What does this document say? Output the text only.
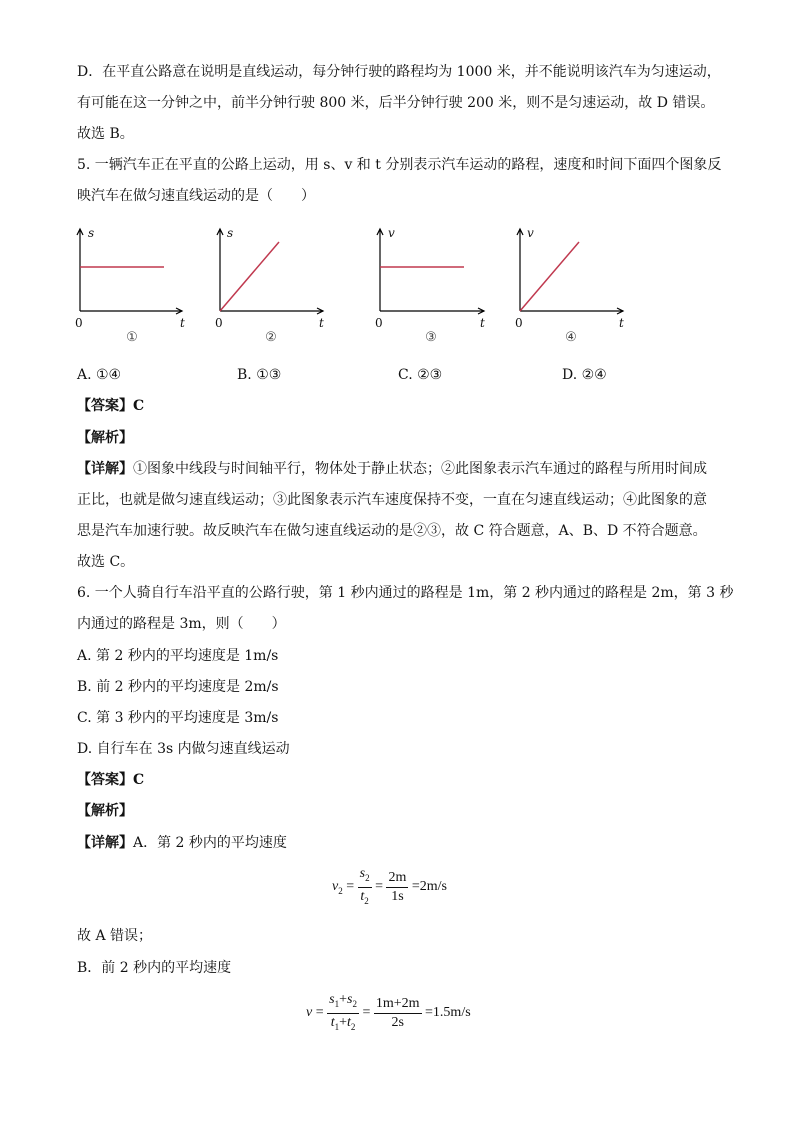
D．在平直公路意在说明是直线运动，每分钟行驶的路程均为 1000 米，并不能说明该汽车为匀速运动，
有可能在这一分钟之中，前半分钟行驶 800 米，后半分钟行驶 200 米，则不是匀速运动，故 D 错误。
故选 B。
5. 一辆汽车正在平直的公路上运动，用 s、v 和 t 分别表示汽车运动的路程，速度和时间下面四个图象反
映汽车在做匀速直线运动的是（　　）
s
t
0
①
s
t
0
②
v
t
0
③
v
t
0
④
A. ①④	B. ①③	C. ②③	D. ②④
【答案】C
【解析】
【详解】①图象中线段与时间轴平行，物体处于静止状态；②此图象表示汽车通过的路程与所用时间成
正比，也就是做匀速直线运动；③此图象表示汽车速度保持不变，一直在匀速直线运动；④此图象的意
思是汽车加速行驶。故反映汽车在做匀速直线运动的是②③，故 C 符合题意，A、B、D 不符合题意。
故选 C。
6. 一个人骑自行车沿平直的公路行驶，第 1 秒内通过的路程是 1m，第 2 秒内通过的路程是 2m，第 3 秒
内通过的路程是 3m，则（　　）
A. 第 2 秒内的平均速度是 1m/s
B. 前 2 秒内的平均速度是 2m/s
C. 第 3 秒内的平均速度是 3m/s
D. 自行车在 3s 内做匀速直线运动
【答案】C
【解析】
【详解】A．第 2 秒内的平均速度
$v_2 = \frac{s_2}{t_2} = \frac{2m}{1s} =2m/s$
故 A 错误；
B．前 2 秒内的平均速度
$v = \frac{s_1+s_2}{t_1+t_2} = \frac{1m+2m}{2s} =1.5m/s$
